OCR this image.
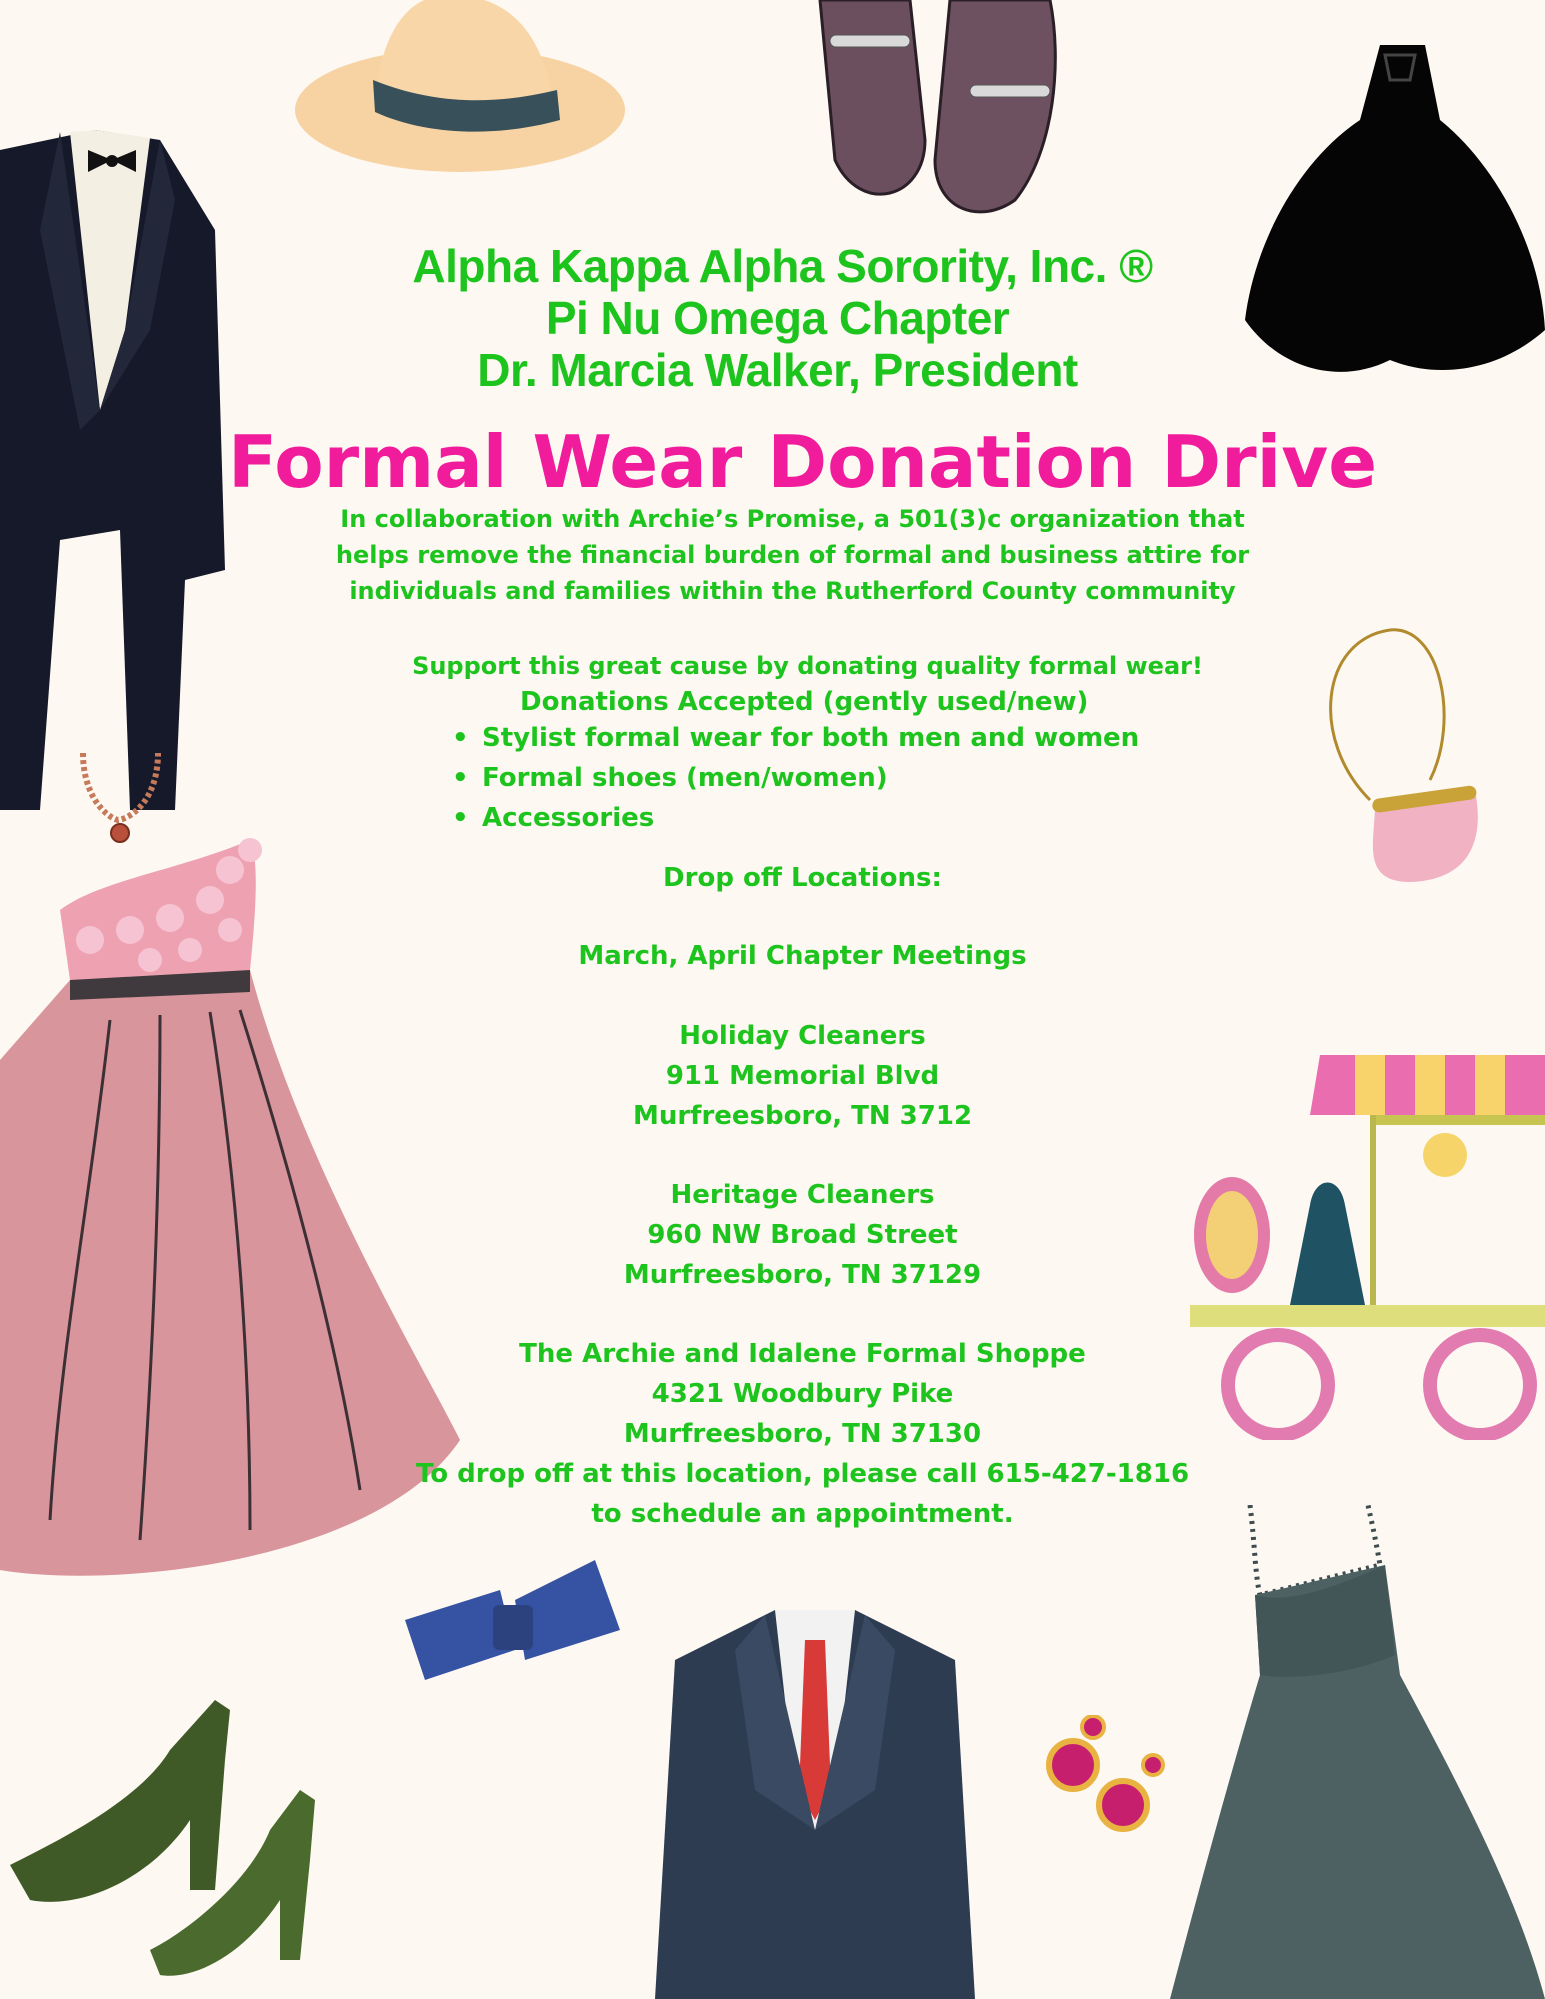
Alpha Kappa Alpha Sorority, Inc. ®
Pi Nu Omega Chapter
Dr. Marcia Walker, President
Formal Wear Donation Drive
In collaboration with Archie’s Promise, a 501(3)c organization that
helps remove the financial burden of formal and business attire for
individuals and families within the Rutherford County community
Support this great cause by donating quality formal wear!
Donations Accepted (gently used/new)
• Stylist formal wear for both men and women
• Formal shoes (men/women)
• Accessories
Drop off Locations:
March, April Chapter Meetings
Holiday Cleaners
911 Memorial Blvd
Murfreesboro, TN 3712
Heritage Cleaners
960 NW Broad Street
Murfreesboro, TN 37129
The Archie and Idalene Formal Shoppe
4321 Woodbury Pike
Murfreesboro, TN 37130
To drop off at this location, please call 615-427-1816
to schedule an appointment.
